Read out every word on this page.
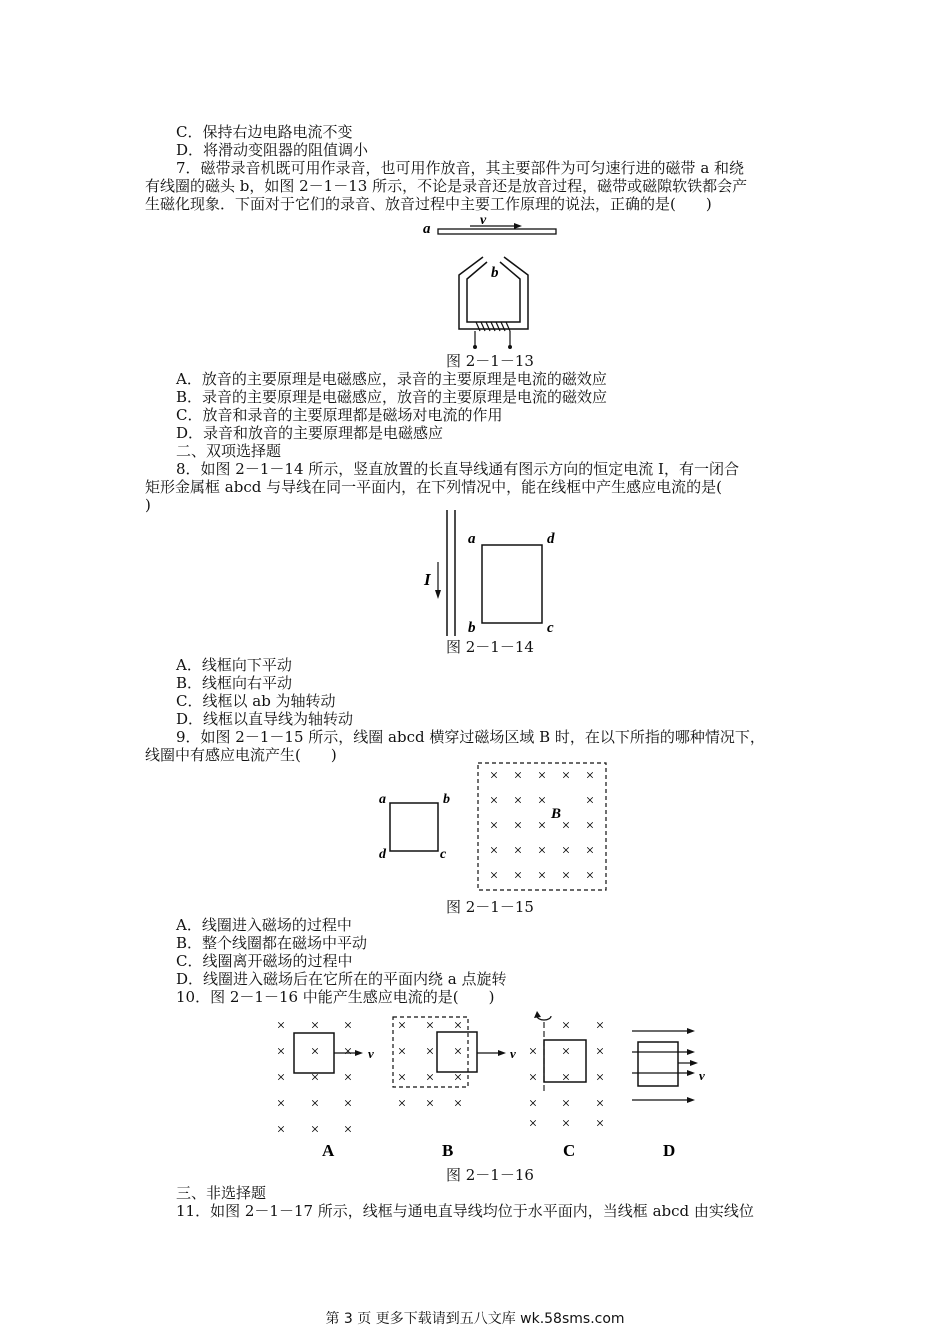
C．保持右边电路电流不变
D．将滑动变阻器的阻值调小
7．磁带录音机既可用作录音，也可用作放音，其主要部件为可匀速行进的磁带 a 和绕
有线圈的磁头 b，如图 2－1－13 所示，不论是录音还是放音过程，磁带或磁隙软铁都会产
生磁化现象．下面对于它们的录音、放音过程中主要工作原理的说法，正确的是(　　)
a
v
b
图 2－1－13
A．放音的主要原理是电磁感应，录音的主要原理是电流的磁效应
B．录音的主要原理是电磁感应，放音的主要原理是电流的磁效应
C．放音和录音的主要原理都是磁场对电流的作用
D．录音和放音的主要原理都是电磁感应
二、双项选择题
8．如图 2－1－14 所示，竖直放置的长直导线通有图示方向的恒定电流 I，有一闭合
矩形金属框 abcd 与导线在同一平面内，在下列情况中，能在线框中产生感应电流的是(
)
I
a	d
b	c
图 2－1－14
A．线框向下平动
B．线框向右平动
C．线框以 ab 为轴转动
D．线框以直导线为轴转动
9．如图 2－1－15 所示，线圈 abcd 横穿过磁场区域 B 时，在以下所指的哪种情况下，
线圈中有感应电流产生(　　)
a	b
d	c
× × × × ×
× × ×	×
× × × × ×
× × × × ×
× × × × ×
B
图 2－1－15
A．线圈进入磁场的过程中
B．整个线圈都在磁场中平动
C．线圈离开磁场的过程中
D．线圈进入磁场后在它所在的平面内绕 a 点旋转
10．图 2－1－16 中能产生感应电流的是(　　)
× × ×
× × ×
× × ×
× × ×
× × ×
v
A
× × ×
× × ×
× × ×
× × ×
v
B
× ×
× × ×
× × ×
× × ×
× × ×
C
v
D
图 2－1－16
三、非选择题
11．如图 2－1－17 所示，线框与通电直导线均位于水平面内，当线框 abcd 由实线位
第 3 页 更多下载请到五八文库 wk.58sms.com
